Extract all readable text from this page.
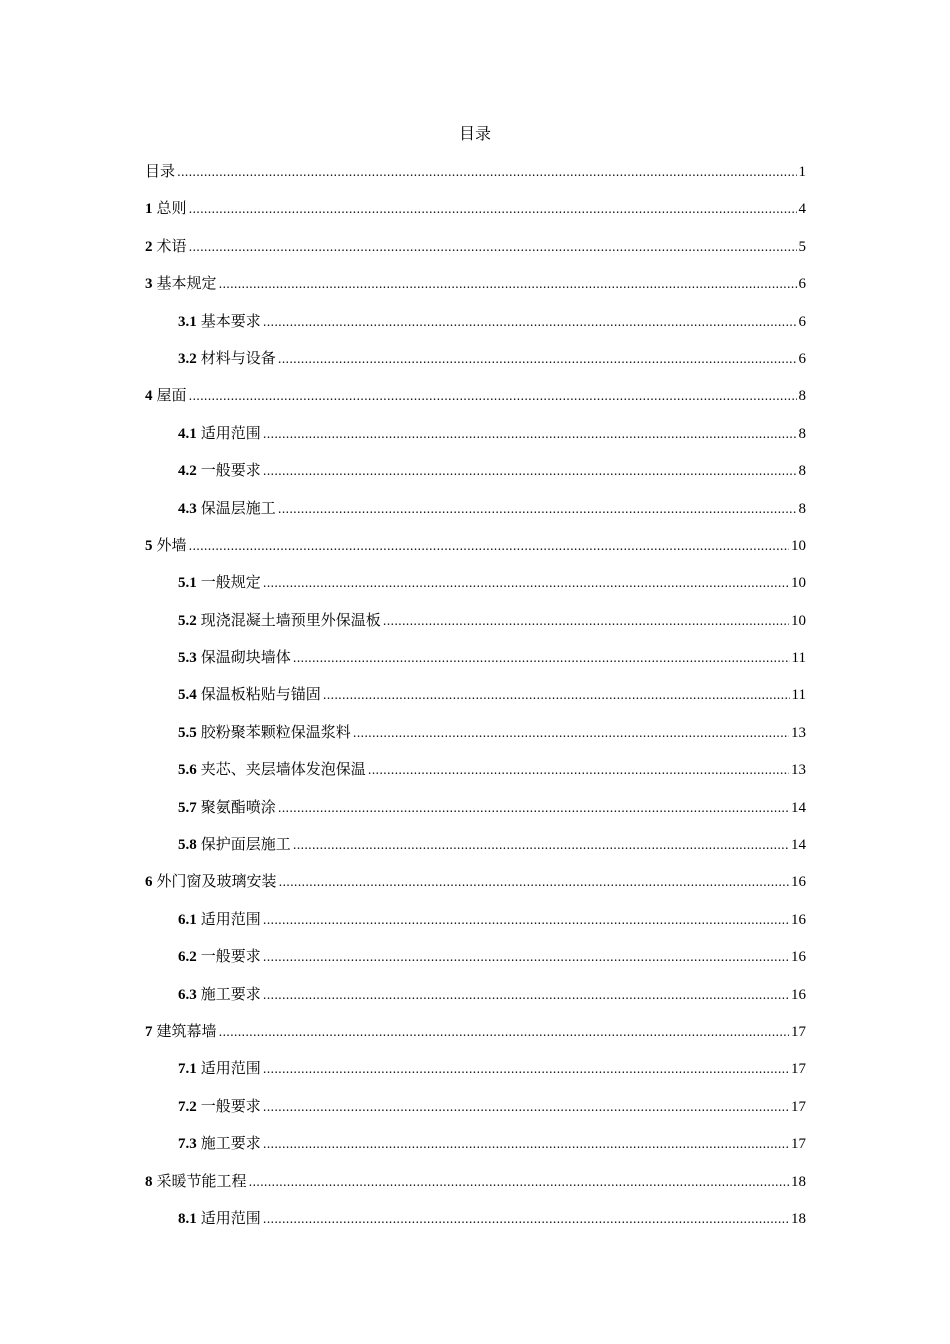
目录
目录 .....	1
1 总则 .....	4
2 术语 .....	5
3 基本规定 .....	6
3.1 基本要求 .....	6
3.2 材料与设备 .....	6
4 屋面 .....	8
4.1 适用范围 .....	8
4.2 一般要求 .....	8
4.3 保温层施工 .....	8
5 外墙 .....	10
5.1 一般规定 .....	10
5.2 现浇混凝土墙预里外保温板 .....	10
5.3 保温砌块墙体 .....	11
5.4 保温板粘贴与锚固 .....	11
5.5 胶粉聚苯颗粒保温浆料 .....	13
5.6 夹芯、夹层墙体发泡保温 .....	13
5.7 聚氨酯喷涂 .....	14
5.8 保护面层施工 .....	14
6 外门窗及玻璃安装 .....	16
6.1 适用范围 .....	16
6.2 一般要求 .....	16
6.3 施工要求 .....	16
7 建筑幕墙 .....	17
7.1 适用范围 .....	17
7.2 一般要求 .....	17
7.3 施工要求 .....	17
8 采暖节能工程 .....	18
8.1 适用范围 .....	18
